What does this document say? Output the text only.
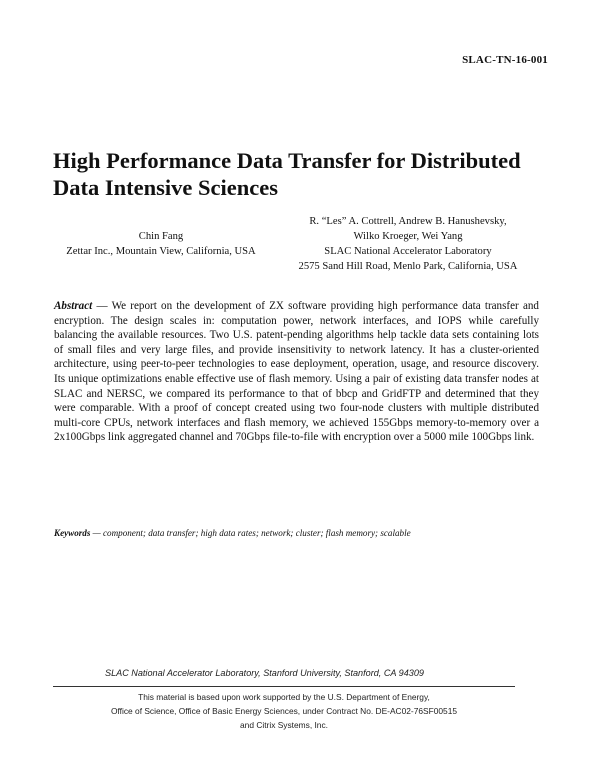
SLAC-TN-16-001
High Performance Data Transfer for Distributed
Data Intensive Sciences
Chin Fang
Zettar Inc., Mountain View, California, USA
R. “Les” A. Cottrell, Andrew B. Hanushevsky,
Wilko Kroeger, Wei Yang
SLAC National Accelerator Laboratory
2575 Sand Hill Road, Menlo Park, California, USA
Abstract — We report on the development of ZX software providing high performance data transfer and encryption. The design scales in: computation power, network interfaces, and IOPS while carefully balancing the available resources. Two U.S. patent-pending algorithms help tackle data sets containing lots of small files and very large files, and provide insensitivity to network latency. It has a cluster-oriented architecture, using peer-to-peer technologies to ease deployment, operation, usage, and resource discovery. Its unique optimizations enable effective use of flash memory. Using a pair of existing data transfer nodes at SLAC and NERSC, we compared its performance to that of bbcp and GridFTP and determined that they were comparable. With a proof of concept created using two four-node clusters with multiple distributed multi-core CPUs, network interfaces and flash memory, we achieved 155Gbps memory-to-memory over a 2x100Gbps link aggregated channel and 70Gbps file-to-file with encryption over a 5000 mile 100Gbps link.
Keywords — component; data transfer; high data rates; network; cluster; flash memory; scalable
SLAC National Accelerator Laboratory, Stanford University, Stanford, CA 94309
This material is based upon work supported by the U.S. Department of Energy,
Office of Science, Office of Basic Energy Sciences, under Contract No. DE-AC02-76SF00515
and Citrix Systems, Inc.
